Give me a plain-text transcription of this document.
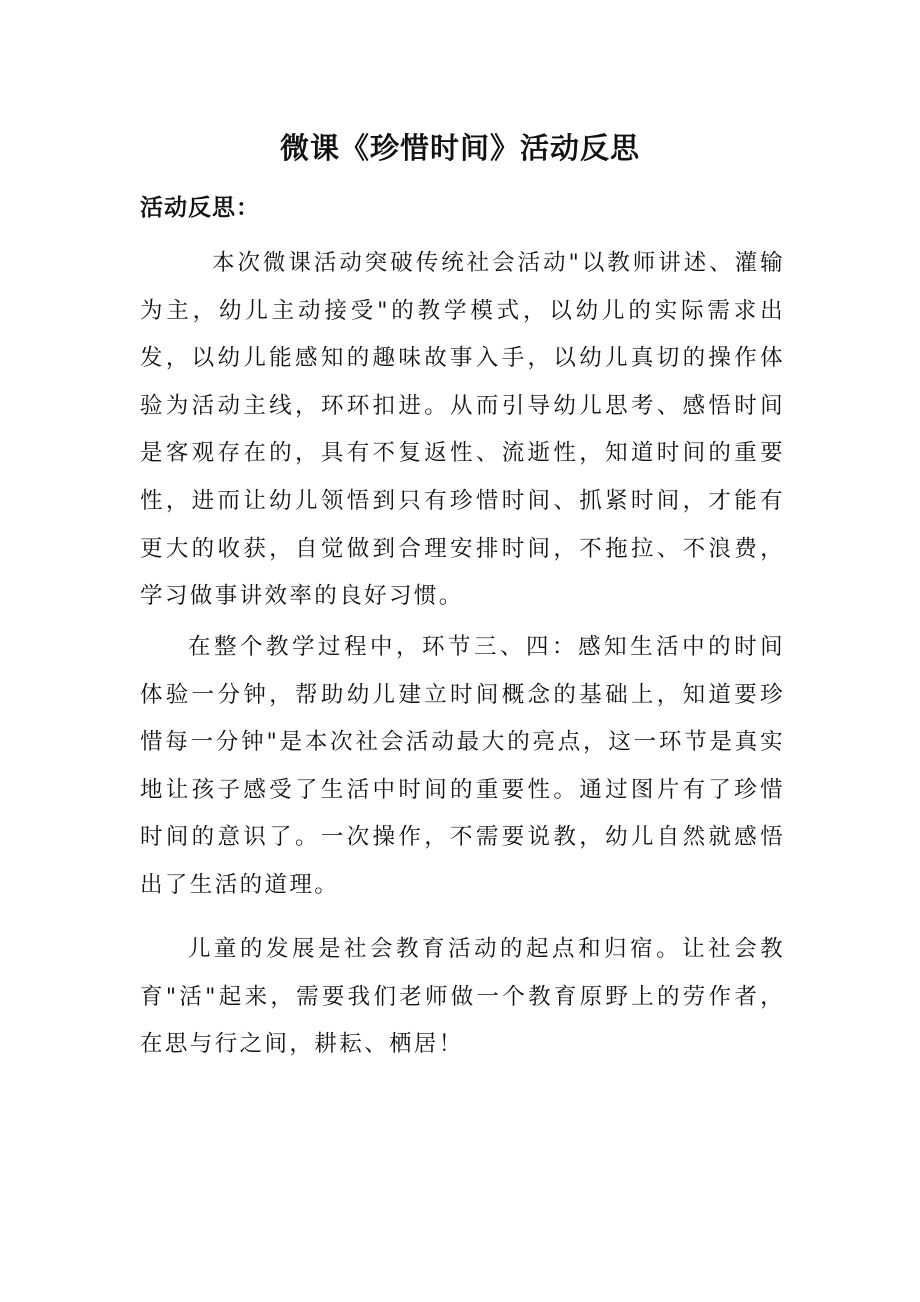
微课《珍惜时间》活动反思
活动反思：
本次微课活动突破传统社会活动"以教师讲述、灌输为主，幼儿主动接受"的教学模式，以幼儿的实际需求出发，以幼儿能感知的趣味故事入手，以幼儿真切的操作体验为活动主线，环环扣进。从而引导幼儿思考、感悟时间是客观存在的，具有不复返性、流逝性，知道时间的重要性，进而让幼儿领悟到只有珍惜时间、抓紧时间，才能有更大的收获，自觉做到合理安排时间，不拖拉、不浪费，学习做事讲效率的良好习惯。
在整个教学过程中，环节三、四：感知生活中的时间体验一分钟，帮助幼儿建立时间概念的基础上，知道要珍惜每一分钟"是本次社会活动最大的亮点，这一环节是真实地让孩子感受了生活中时间的重要性。通过图片有了珍惜时间的意识了。一次操作，不需要说教，幼儿自然就感悟出了生活的道理。
儿童的发展是社会教育活动的起点和归宿。让社会教育"活"起来，需要我们老师做一个教育原野上的劳作者，在思与行之间，耕耘、栖居！
